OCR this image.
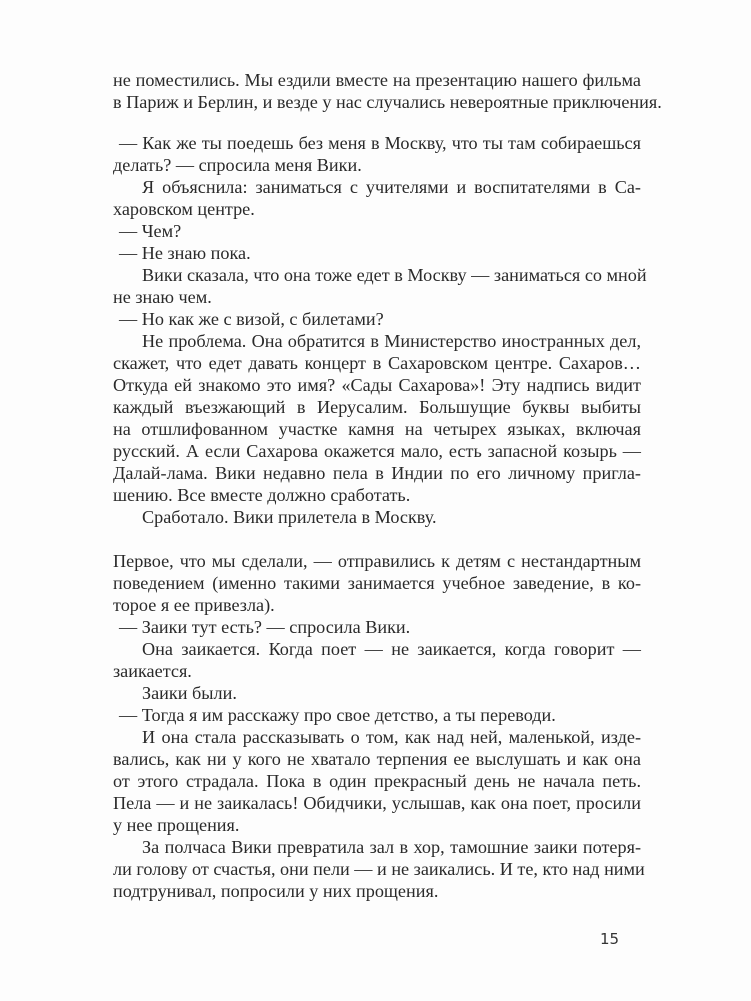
не поместились. Мы ездили вместе на презентацию нашего фильма
в Париж и Берлин, и везде у нас случались невероятные приключения.
— Как же ты поедешь без меня в Москву, что ты там собираешься
делать? — спросила меня Вики.
Я объяснила: заниматься с учителями и воспитателями в Са-
харовском центре.
— Чем?
— Не знаю пока.
Вики сказала, что она тоже едет в Москву — заниматься со мной
не знаю чем.
— Но как же с визой, с билетами?
Не проблема. Она обратится в Министерство иностранных дел,
скажет, что едет давать концерт в Сахаровском центре. Сахаров…
Откуда ей знакомо это имя? «Сады Сахарова»! Эту надпись видит
каждый въезжающий в Иерусалим. Большущие буквы выбиты
на отшлифованном участке камня на четырех языках, включая
русский. А если Сахарова окажется мало, есть запасной козырь —
Далай-лама. Вики недавно пела в Индии по его личному пригла-
шению. Все вместе должно сработать.
Сработало. Вики прилетела в Москву.
Первое, что мы сделали, — отправились к детям с нестандартным
поведением (именно такими занимается учебное заведение, в ко-
торое я ее привезла).
— Заики тут есть? — спросила Вики.
Она заикается. Когда поет — не заикается, когда говорит —
заикается.
Заики были.
— Тогда я им расскажу про свое детство, а ты переводи.
И она стала рассказывать о том, как над ней, маленькой, изде-
вались, как ни у кого не хватало терпения ее выслушать и как она
от этого страдала. Пока в один прекрасный день не начала петь.
Пела — и не заикалась! Обидчики, услышав, как она поет, просили
у нее прощения.
За полчаса Вики превратила зал в хор, тамошние заики потеря-
ли голову от счастья, они пели — и не заикались. И те, кто над ними
подтрунивал, попросили у них прощения.
15
